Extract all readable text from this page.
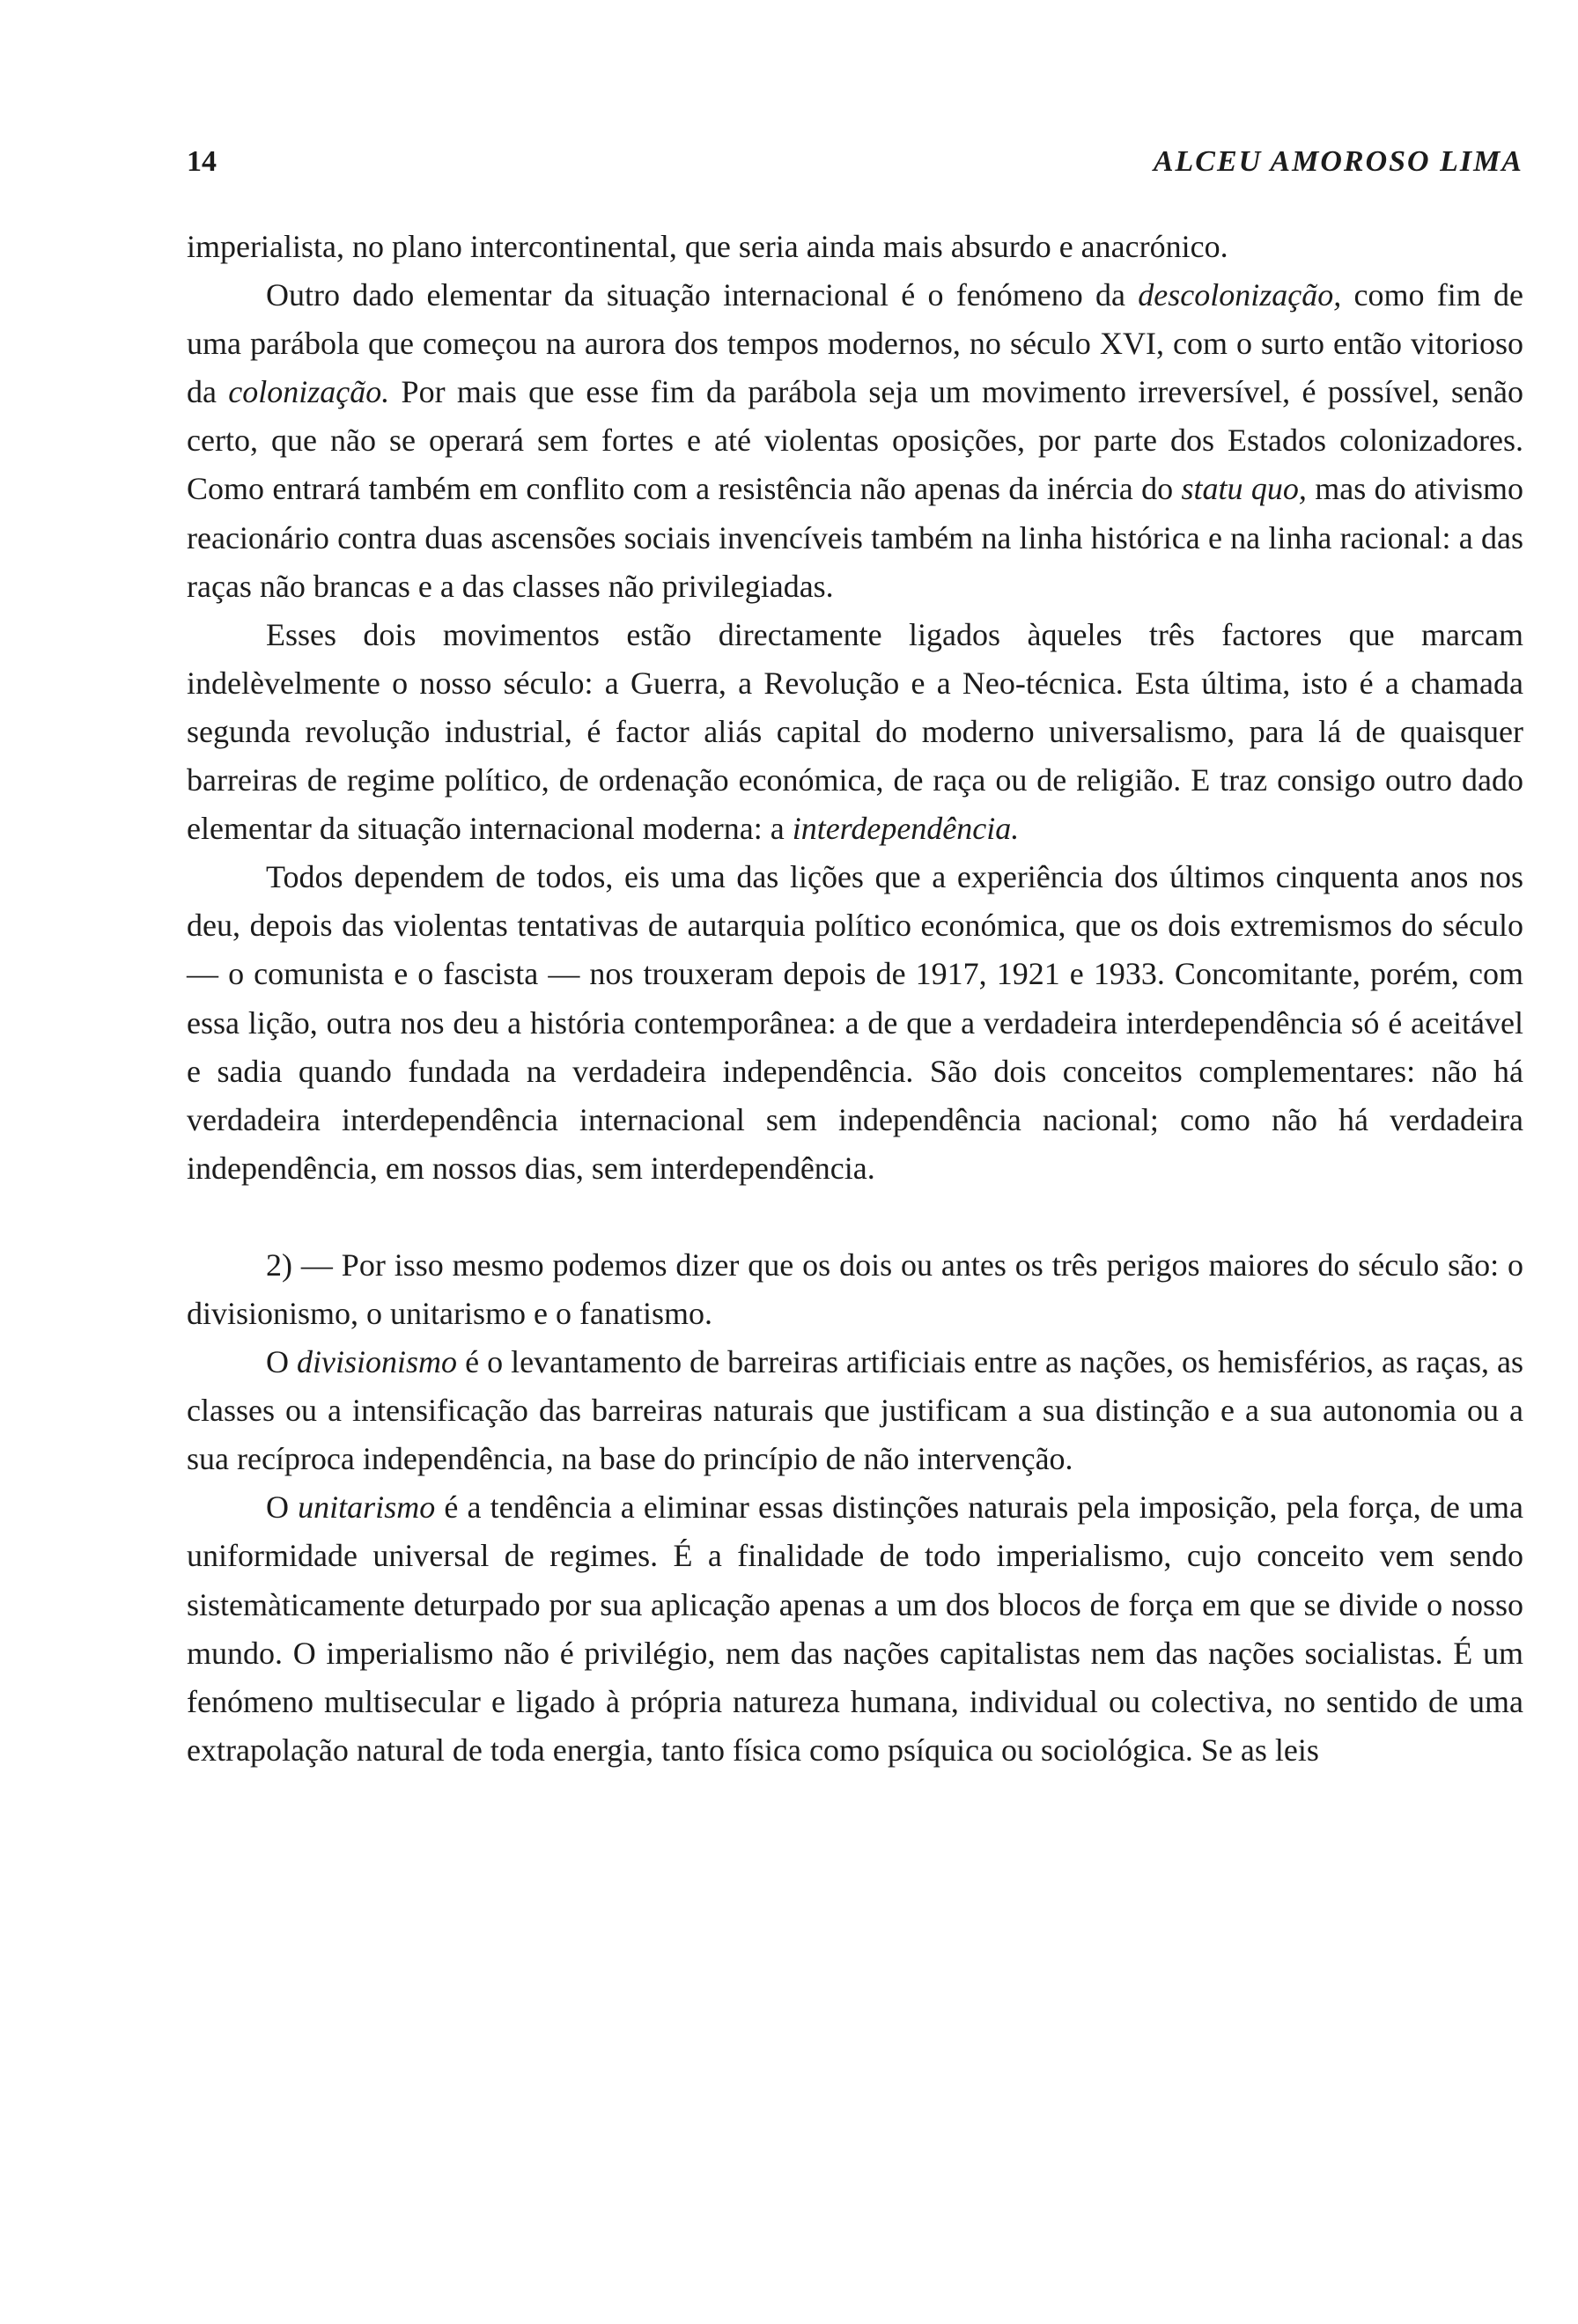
14	ALCEU AMOROSO LIMA

imperialista, no plano intercontinental, que seria ainda mais absurdo e anacrónico.

Outro dado elementar da situação internacional é o fenómeno da descolonização, como fim de uma parábola que começou na aurora dos tempos modernos, no século XVI, com o surto então vitorioso da colonização. Por mais que esse fim da parábola seja um movimento irreversível, é possível, senão certo, que não se operará sem fortes e até violentas oposições, por parte dos Estados colonizadores. Como entrará também em conflito com a resistência não apenas da inércia do statu quo, mas do ativismo reacionário contra duas ascensões sociais invencíveis também na linha histórica e na linha racional: a das raças não brancas e a das classes não privilegiadas.

Esses dois movimentos estão directamente ligados àqueles três factores que marcam indelèvelmente o nosso século: a Guerra, a Revolução e a Neo-técnica. Esta última, isto é a chamada segunda revolução industrial, é factor aliás capital do moderno universalismo, para lá de quaisquer barreiras de regime político, de ordenação económica, de raça ou de religião. E traz consigo outro dado elementar da situação internacional moderna: a interdependência.

Todos dependem de todos, eis uma das lições que a experiência dos últimos cinquenta anos nos deu, depois das violentas tentativas de autarquia político económica, que os dois extremismos do século — o comunista e o fascista — nos trouxeram depois de 1917, 1921 e 1933. Concomitante, porém, com essa lição, outra nos deu a história contemporânea: a de que a verdadeira interdependência só é aceitável e sadia quando fundada na verdadeira independência. São dois conceitos complementares: não há verdadeira interdependência internacional sem independência nacional; como não há verdadeira independência, em nossos dias, sem interdependência.

2) — Por isso mesmo podemos dizer que os dois ou antes os três perigos maiores do século são: o divisionismo, o unitarismo e o fanatismo.

O divisionismo é o levantamento de barreiras artificiais entre as nações, os hemisférios, as raças, as classes ou a intensificação das barreiras naturais que justificam a sua distinção e a sua autonomia ou a sua recíproca independência, na base do princípio de não intervenção.

O unitarismo é a tendência a eliminar essas distinções naturais pela imposição, pela força, de uma uniformidade universal de regimes. É a finalidade de todo imperialismo, cujo conceito vem sendo sistemàticamente deturpado por sua aplicação apenas a um dos blocos de força em que se divide o nosso mundo. O imperialismo não é privilégio, nem das nações capitalistas nem das nações socialistas. É um fenómeno multisecular e ligado à própria natureza humana, individual ou colectiva, no sentido de uma extrapolação natural de toda energia, tanto física como psíquica ou sociológica. Se as leis
